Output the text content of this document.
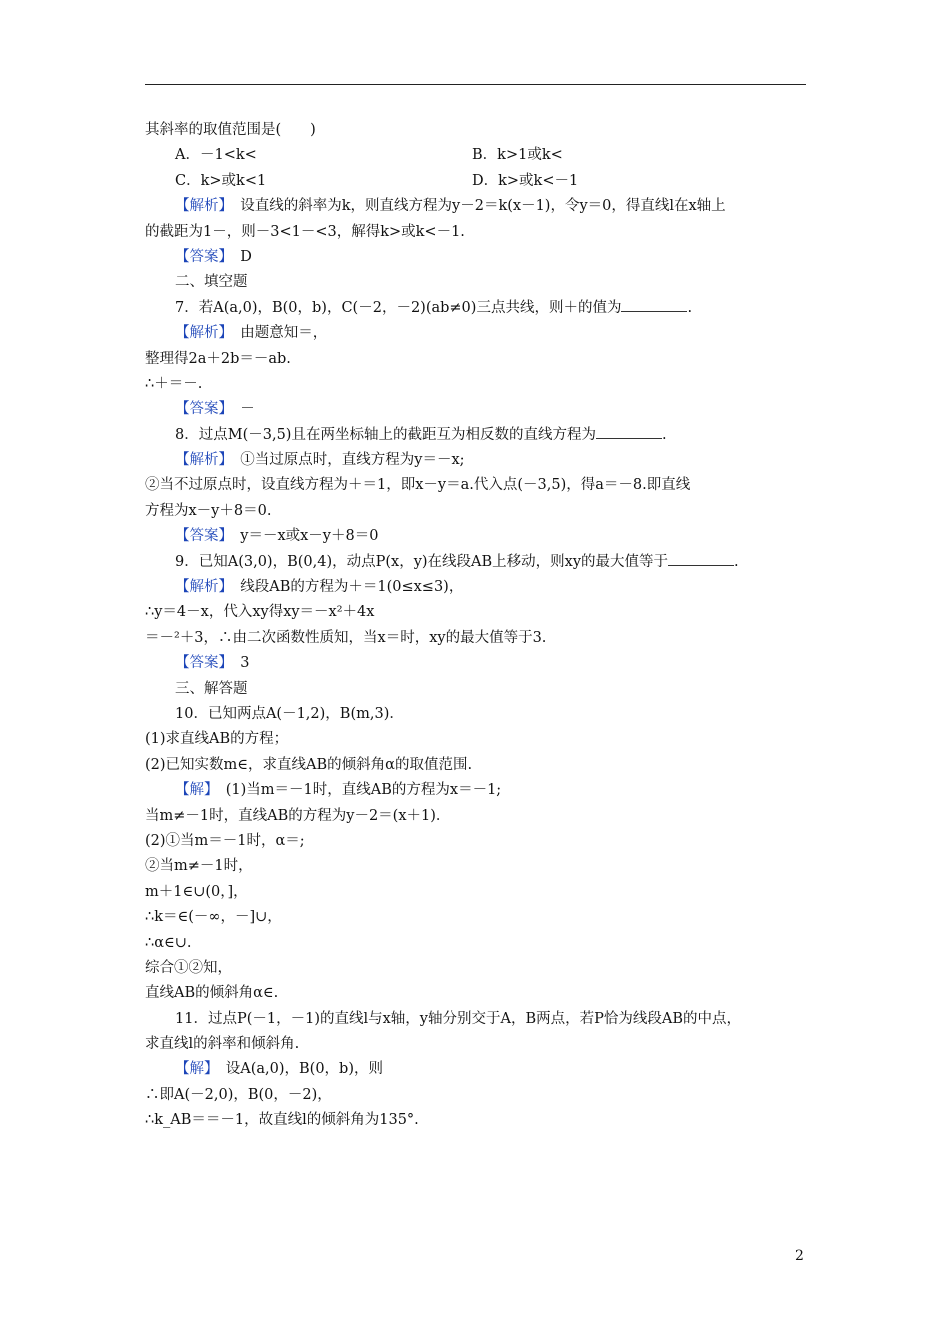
其斜率的取值范围是(　　)
A．－1<k<	B．k>1或k<
C．k>或k<1	D．k>或k<－1
【解析】　设直线的斜率为k，则直线方程为y－2＝k(x－1)，令y＝0，得直线l在x轴上
的截距为1－，则－3<1－<3，解得k>或k<－1.
【答案】　D
二、填空题
7．若A(a,0)，B(0，b)，C(－2，－2)(ab≠0)三点共线，则＋的值为	.
【解析】　由题意知＝，
整理得2a＋2b＝－ab.
∴＋＝－.
【答案】　－
8．过点M(－3,5)且在两坐标轴上的截距互为相反数的直线方程为	.
【解析】　①当过原点时，直线方程为y＝－x;
②当不过原点时，设直线方程为＋＝1，即x－y＝a.代入点(－3,5)，得a＝－8.即直线
方程为x－y＋8＝0.
【答案】　y＝－x或x－y＋8＝0
9．已知A(3,0)，B(0,4)，动点P(x，y)在线段AB上移动，则xy的最大值等于	.
【解析】　线段AB的方程为＋＝1(0≤x≤3)，
∴y＝4－x，代入xy得xy＝－x²＋4x
＝－²＋3，∴由二次函数性质知，当x＝时，xy的最大值等于3.
【答案】　3
三、解答题
10．已知两点A(－1,2)，B(m,3)．
(1)求直线AB的方程；
(2)已知实数m∈，求直线AB的倾斜角α的取值范围.
【解】　(1)当m＝－1时，直线AB的方程为x＝－1;
当m≠－1时，直线AB的方程为y－2＝(x＋1)．
(2)①当m＝－1时，α＝;
②当m≠－1时，
m＋1∈∪(0，]，
∴k＝∈(－∞，－]∪，
∴α∈∪.
综合①②知，
直线AB的倾斜角α∈.
11．过点P(－1，－1)的直线l与x轴，y轴分别交于A，B两点，若P恰为线段AB的中点，
求直线l的斜率和倾斜角.
【解】　设A(a,0)，B(0，b)，则
∴即A(－2,0)，B(0，－2)，
∴k_AB＝＝－1，故直线l的倾斜角为135°.
2
